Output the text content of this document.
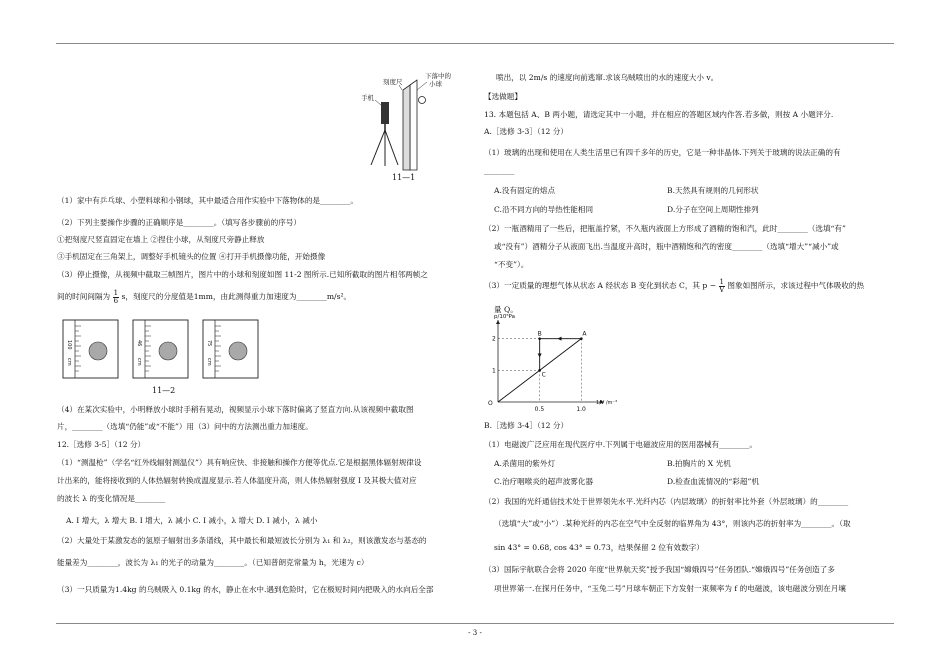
刻度尺
下落中的
小球
手机
11—1
（1）家中有乒乓球、小塑料球和小钢球，其中最适合用作实验中下落物体的是________。
（2）下列主要操作步骤的正确顺序是________。（填写各步骤前的序号）
①把刻度尺竖直固定在墙上 ②捏住小球，从刻度尺旁静止释放
③手机固定在三角架上，调整好手机镜头的位置 ④打开手机摄像功能，开始摄像
（3）停止摄像，从视频中截取三帧图片，图片中的小球和刻度如图 11-2 图所示.已知所截取的图片相邻两帧之
间的时间间隔为 $\frac{1}{6}$ s，刻度尺的分度值是1mm，由此测得重力加速度为________m/s²。
100
cm
46
cm
75
cm
11—2
（4）在某次实验中，小明释放小球时手稍有晃动，视频显示小球下落时偏离了竖直方向.从该视频中截取图
片，________（选填“仍能”或“不能”）用（3）问中的方法测出重力加速度。
12.［选修 3-5］（12 分）
（1）“测温枪”（学名“红外线辐射测温仪”）具有响应快、非接触和操作方便等优点.它是根据黑体辐射规律设
计出来的，能将接收到的人体热辐射转换成温度显示.若人体温度升高，则人体热辐射强度 I 及其极大值对应
的波长 λ 的变化情况是________
A. I 增大，λ 增大 B. I 增大，λ 减小 C. I 减小，λ 增大 D. I 减小，λ 减小
（2）大量处于某激发态的氢原子辐射出多条谱线，其中最长和最短波长分别为 λ₁ 和 λ₂，则该激发态与基态的
能量差为________，波长为 λ₁ 的光子的动量为________。（已知普朗克常量为 h，光速为 c）
（3）一只质量为1.4kg 的乌贼吸入 0.1kg 的水，静止在水中.遇到危险时，它在极短时间内把吸入的水向后全部
喷出，以 2m/s 的速度向前逃窜.求该乌贼喷出的水的速度大小 v。
【选做题】
13. 本题包括 A、B 两小题，请选定其中一小题，并在相应的答题区域内作答.若多做，则按 A 小题评分.
A.［选修 3-3］（12 分）
（1）玻璃的出现和使用在人类生活里已有四千多年的历史，它是一种非晶体.下列关于玻璃的说法正确的有
________
A.没有固定的熔点	B.天然具有规则的几何形状
C.沿不同方向的导热性能相同	D.分子在空间上周期性排列
（2）一瓶酒精用了一些后，把瓶盖拧紧，不久瓶内液面上方形成了酒精的饱和汽，此时________（选填“有”
或“没有”）酒精分子从液面飞出.当温度升高时，瓶中酒精饱和汽的密度________（选填“增大”“减小”或
“不变”）。
（3）一定质量的理想气体从状态 A 经状态 B 变化到状态 C，其 $p - \frac{1}{V}$ 图象如图所示，求该过程中气体吸收的热
量 Q。
A
B
C
1
2
0.5	1.0
O
p/10⁵Pa
1/V /m⁻³
B.［选修 3-4］（12 分）
（1）电磁波广泛应用在现代医疗中.下列属于电磁波应用的医用器械有________。
A.杀菌用的紫外灯	B.拍胸片的 X 光机
C.治疗咽喉炎的超声波雾化器	D.检查血流情况的“彩超”机
（2）我国的光纤通信技术处于世界领先水平.光纤内芯（内层玻璃）的折射率比外套（外层玻璃）的________
（选填“大”或“小”）.某种光纤的内芯在空气中全反射的临界角为 43°，则该内芯的折射率为________。（取
sin 43° = 0.68, cos 43° = 0.73，结果保留 2 位有效数字）
（3）国际宇航联合会将 2020 年度“世界航天奖”授予我国“嫦娥四号”任务团队.“嫦娥四号”任务创造了多
项世界第一.在探月任务中，“玉兔二号”月球车朝正下方发射一束频率为 f 的电磁波，该电磁波分别在月壤
- 3 -
